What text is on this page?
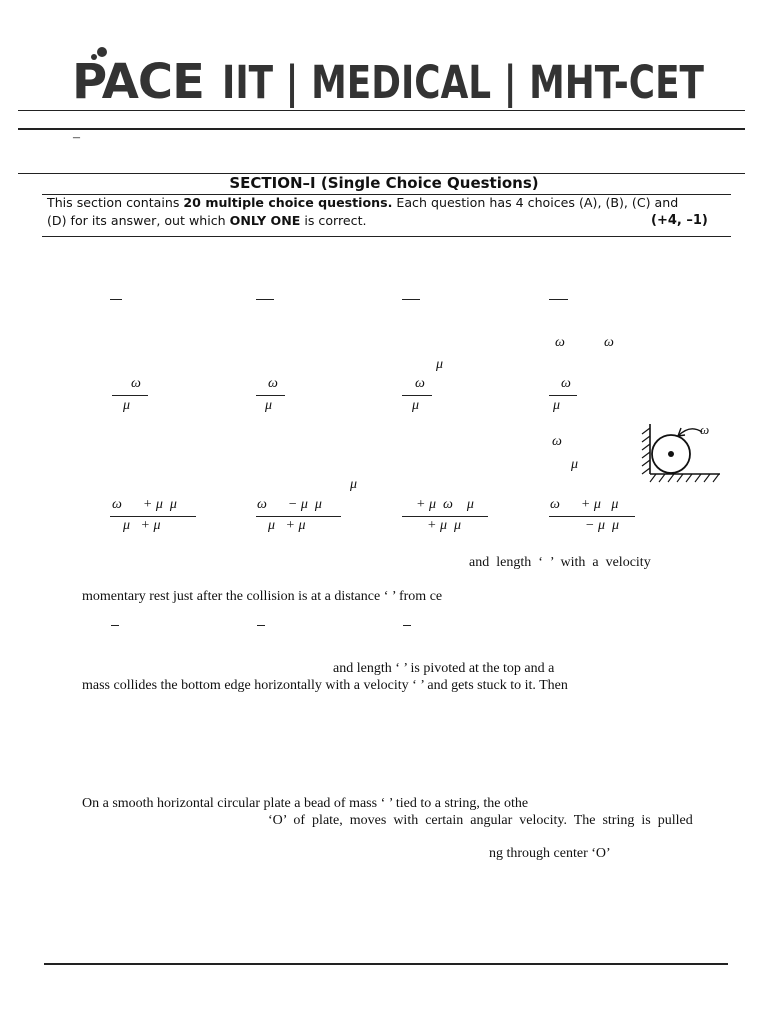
PACE IIT | MEDICAL | MHT-CET
–
SECTION–I (Single Choice Questions)
This section contains 20 multiple choice questions. Each question has 4 choices (A), (B), (C) and
(D) for its answer, out which ONLY ONE is correct.	(+4, –1)
ω	ω
μ
ω
μ
ω
μ
ω
μ
ω
μ
ω
μ
ω
μ
ω      + μ  μ
μ   + μ
ω      − μ  μ
μ   + μ
+ μ  ω    μ
+ μ  μ
ω      + μ   μ
− μ  μ
and  length  ‘  ’  with  a  velocity
momentary rest just after the collision is at a distance ‘ ’ from ce
and length ‘ ’ is pivoted at the top and a
mass collides the bottom edge horizontally with a velocity ‘ ’ and gets stuck to it. Then
On a smooth horizontal circular plate a bead of mass ‘ ’ tied to a string, the othe
‘O’  of  plate,  moves  with  certain  angular  velocity.  The  string  is  pulled
ng through center ‘O’
